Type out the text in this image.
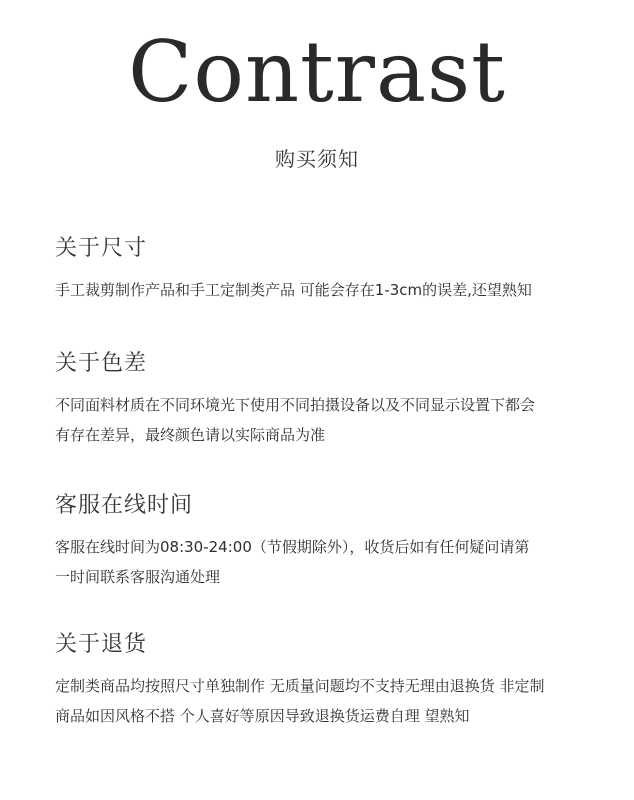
Contrast
购买须知
关于尺寸

手工裁剪制作产品和手工定制类产品 可能会存在1-3cm的误差,还望熟知

关于色差

不同面料材质在不同环境光下使用不同拍摄设备以及不同显示设置下都会

有存在差异，最终颜色请以实际商品为准

客服在线时间

客服在线时间为08:30-24:00（节假期除外），收货后如有任何疑问请第

一时间联系客服沟通处理

关于退货

定制类商品均按照尺寸单独制作 无质量问题均不支持无理由退换货 非定制

商品如因风格不搭 个人喜好等原因导致退换货运费自理 望熟知
